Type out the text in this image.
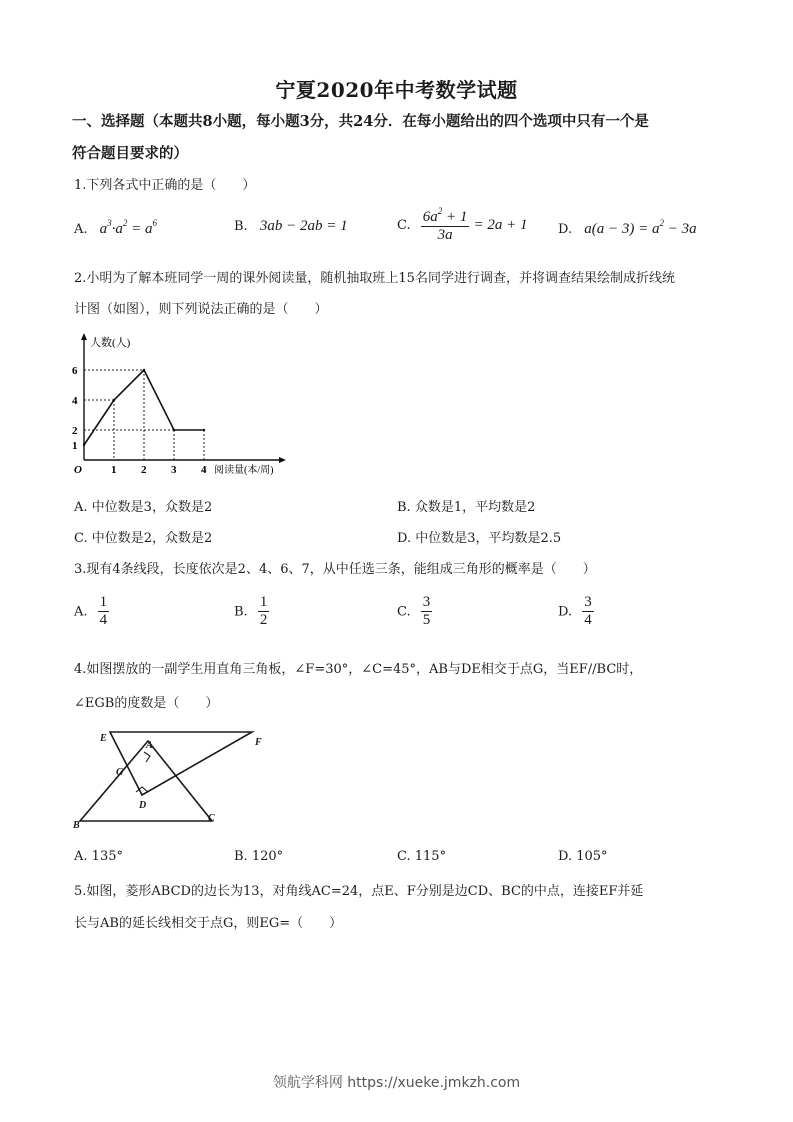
宁夏2020年中考数学试题
一、选择题（本题共8小题，每小题3分，共24分．在每小题给出的四个选项中只有一个是
符合题目要求的）
1.下列各式中正确的是（　　）
A. $a^3\cdot a^2 = a^6$	B. 3ab − 2ab = 1	C. $\frac{6a^2 + 1}{3a} = 2a + 1$ D. $a(a - 3) = a^2 - 3a$
2.小明为了解本班同学一周的课外阅读量，随机抽取班上15名同学进行调查，并将调查结果绘制成折线统
计图（如图），则下列说法正确的是（　　）
1 2 3 4
1
2
4
6
O
人数(人)
阅读量(本/周)
A. 中位数是3，众数是2	B. 众数是1，平均数是2
C. 中位数是2，众数是2	D. 中位数是3，平均数是2.5
3.现有4条线段，长度依次是2、4、6、7，从中任选三条，能组成三角形的概率是（　　）
A. $\frac{1}{4}$	B. $\frac{1}{2}$	C. $\frac{3}{5}$	D. $\frac{3}{4}$
4.如图摆放的一副学生用直角三角板，∠F=30°，∠C=45°，AB与DE相交于点G，当EF//BC时，
∠EGB的度数是（　　）
E
A	F
G
D
B
C
A. 135°	B. 120°	C. 115°	D. 105°
5.如图，菱形ABCD的边长为13，对角线AC=24，点E、F分别是边CD、BC的中点，连接EF并延
长与AB的延长线相交于点G，则EG=（　　）
领航学科网 https://xueke.jmkzh.com
